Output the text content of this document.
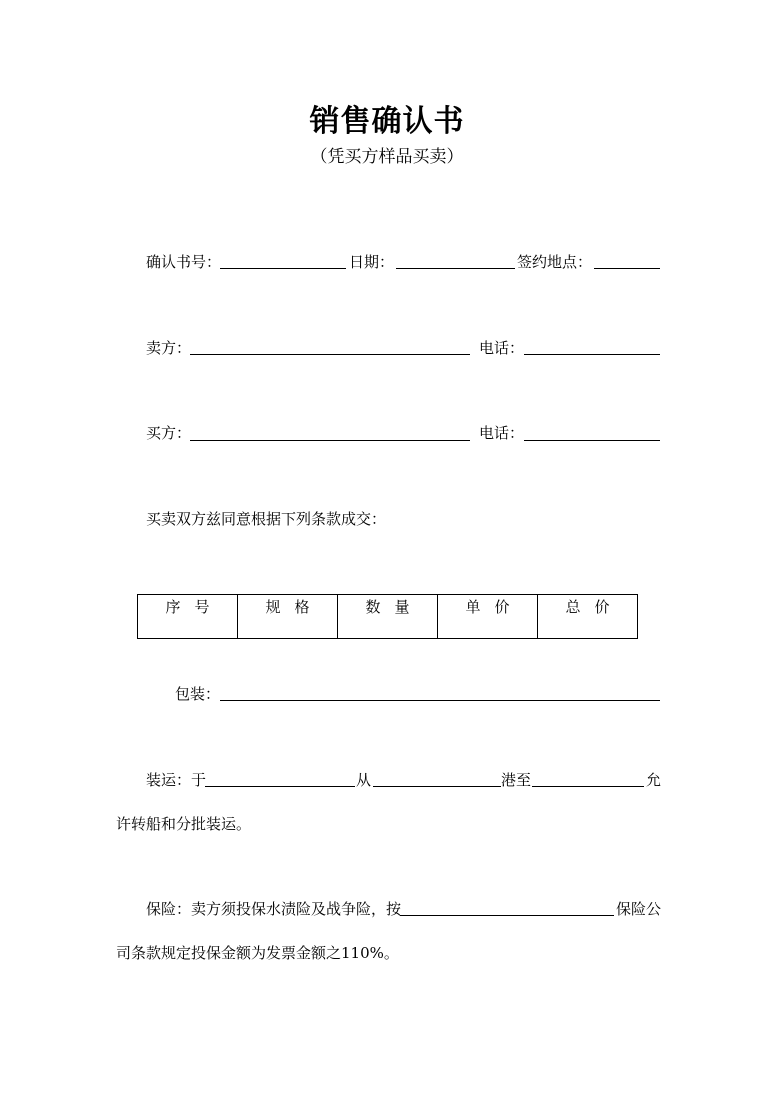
销售确认书
（凭买方样品买卖）
确认书号：	日期：	签约地点：
卖方：	电话：
买方：	电话：
买卖双方兹同意根据下列条款成交：
序号	规格	数量	单价	总价
包装：
装运：于	从	港至	允
许转船和分批装运。
保险：卖方须投保水渍险及战争险，按	保险公
司条款规定投保金额为发票金额之110%。
